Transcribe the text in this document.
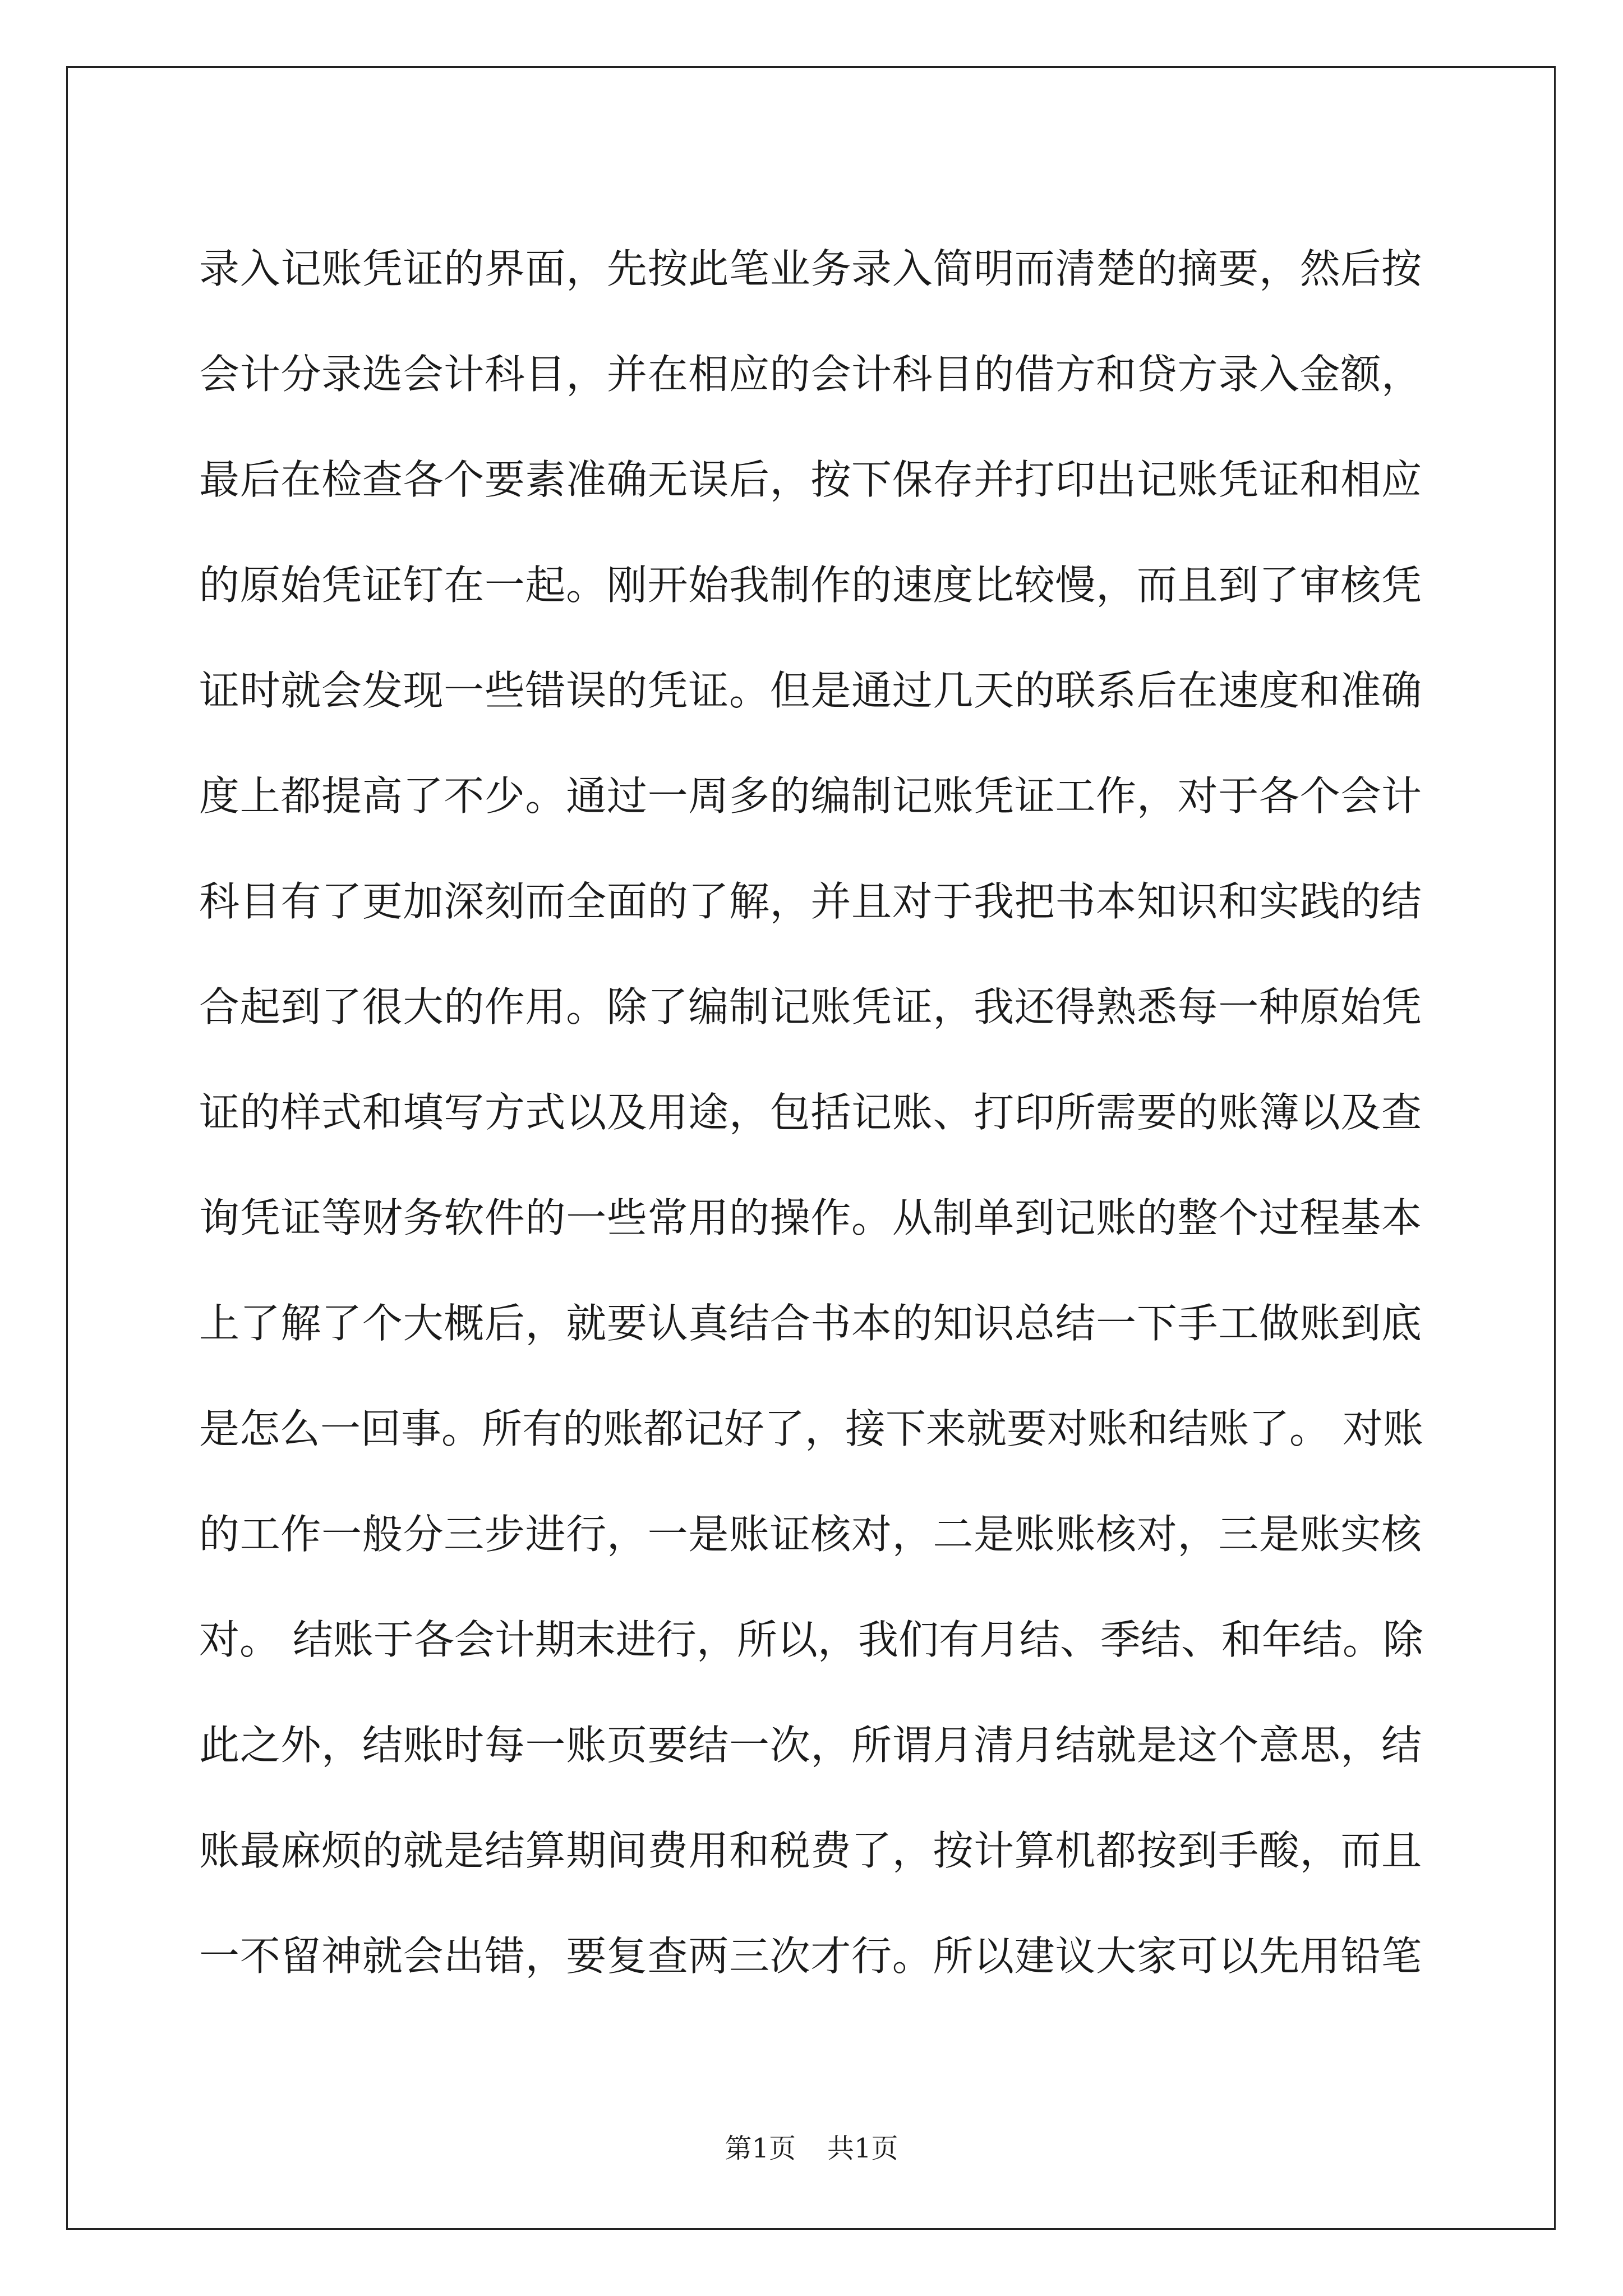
录入记账凭证的界面，先按此笔业务录入简明而清楚的摘要，然后按
会计分录选会计科目，并在相应的会计科目的借方和贷方录入金额，
最后在检查各个要素准确无误后，按下保存并打印出记账凭证和相应
的原始凭证钉在一起。刚开始我制作的速度比较慢，而且到了审核凭
证时就会发现一些错误的凭证。但是通过几天的联系后在速度和准确
度上都提高了不少。通过一周多的编制记账凭证工作，对于各个会计
科目有了更加深刻而全面的了解，并且对于我把书本知识和实践的结
合起到了很大的作用。除了编制记账凭证，我还得熟悉每一种原始凭
证的样式和填写方式以及用途，包括记账、打印所需要的账簿以及查
询凭证等财务软件的一些常用的操作。从制单到记账的整个过程基本
上了解了个大概后，就要认真结合书本的知识总结一下手工做账到底
是怎么一回事。所有的账都记好了，接下来就要对账和结账了。 对账
的工作一般分三步进行，一是账证核对，二是账账核对，三是账实核
对。 结账于各会计期末进行，所以，我们有月结、季结、和年结。除
此之外，结账时每一账页要结一次，所谓月清月结就是这个意思，结
账最麻烦的就是结算期间费用和税费了，按计算机都按到手酸，而且
一不留神就会出错，要复查两三次才行。所以建议大家可以先用铅笔
第1页 共1页
